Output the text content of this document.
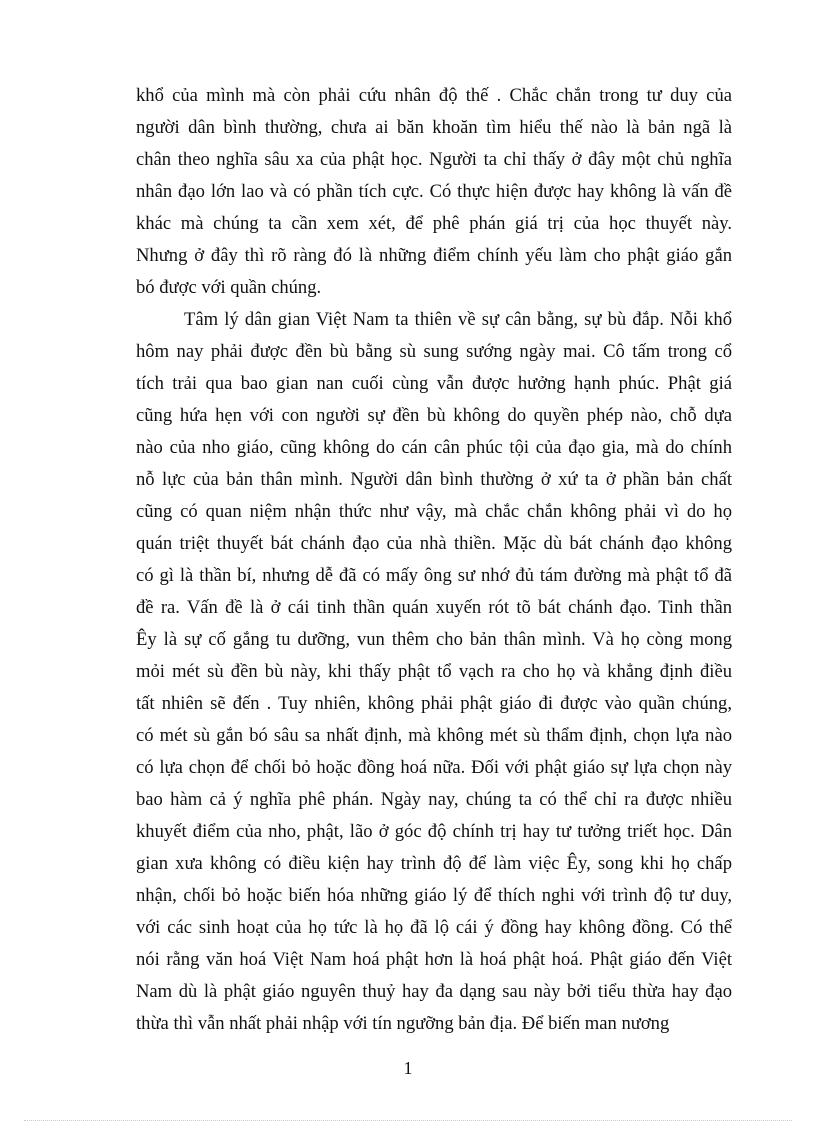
khổ của mình mà còn phải cứu nhân độ thế . Chắc chắn trong tư duy của
người dân bình thường, chưa ai băn khoăn tìm hiểu thế nào là bản ngã là
chân theo nghĩa sâu xa của phật học. Người ta chỉ thấy ở đây một chủ nghĩa
nhân đạo lớn lao và có phần tích cực. Có thực hiện được hay không là vấn đề
khác mà chúng ta cần xem xét, để phê phán giá trị của học thuyết này.
Nhưng ở đây thì rõ ràng đó là những điểm chính yếu làm cho phật giáo gắn
bó được với quần chúng.
Tâm lý dân gian Việt Nam ta thiên về sự cân bằng, sự bù đắp. Nỗi khổ
hôm nay phải được đền bù bằng sù sung sướng ngày mai. Cô tấm trong cổ
tích trải qua bao gian nan cuối cùng vẫn được hưởng hạnh phúc. Phật giá
cũng hứa hẹn với con người sự đền bù không do quyền phép nào, chỗ dựa
nào của nho giáo, cũng không do cán cân phúc tội của đạo gia, mà do chính
nỗ lực của bản thân mình. Người dân bình thường ở xứ ta ở phần bản chất
cũng có quan niệm nhận thức như vậy, mà chắc chắn không phải vì do họ
quán triệt thuyết bát chánh đạo của nhà thiền. Mặc dù bát chánh đạo không
có gì là thần bí, nhưng dễ đã có mấy ông sư nhớ đủ tám đường mà phật tổ đã
đề ra. Vấn đề là ở cái tinh thần quán xuyến rót tõ bát chánh đạo. Tinh thần
Êy là sự cố gắng tu dưỡng, vun thêm cho bản thân mình. Và họ còng mong
mỏi mét sù đền bù này, khi thấy phật tổ vạch ra cho họ và khẳng định điều
tất nhiên sẽ đến . Tuy nhiên, không phải phật giáo đi được vào quần chúng,
có mét sù gắn bó sâu sa nhất định, mà không mét sù thẩm định, chọn lựa nào
có lựa chọn để chối bỏ hoặc đồng hoá nữa. Đối với phật giáo sự lựa chọn này
bao hàm cả ý nghĩa phê phán. Ngày nay, chúng ta có thể chỉ ra được nhiều
khuyết điểm của nho, phật, lão ở góc độ chính trị hay tư tưởng triết học. Dân
gian xưa không có điều kiện hay trình độ để làm việc Êy, song khi họ chấp
nhận, chối bỏ hoặc biến hóa những giáo lý để thích nghi với trình độ tư duy,
với các sinh hoạt của họ tức là họ đã lộ cái ý đồng hay không đồng. Có thể
nói rằng văn hoá Việt Nam hoá phật hơn là hoá phật hoá. Phật giáo đến Việt
Nam dù là phật giáo nguyên thuỷ hay đa dạng sau này bởi tiểu thừa hay đạo
thừa thì vẫn nhất phải nhập với tín ngưỡng bản địa. Để biến man nương
1
